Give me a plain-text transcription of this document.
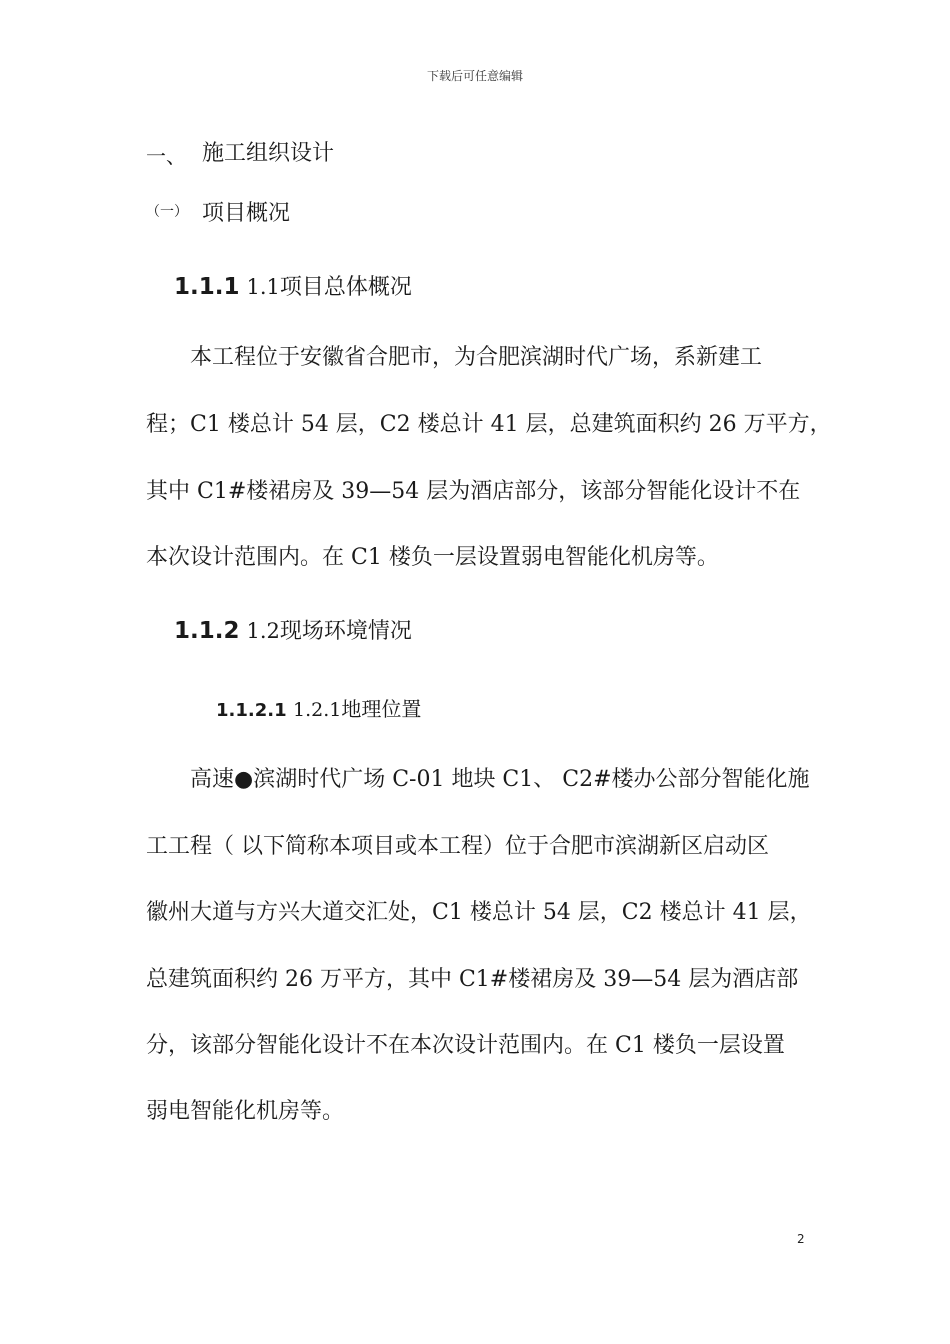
下载后可任意编辑
一、 施工组织设计
（一） 项目概况
1.1.1 1.1项目总体概况
本工程位于安徽省合肥市，为合肥滨湖时代广场，系新建工
程；C1 楼总计 54 层，C2 楼总计 41 层，总建筑面积约 26 万平方，
其中 C1#楼裙房及 39—54 层为酒店部分，该部分智能化设计不在
本次设计范围内。在 C1 楼负一层设置弱电智能化机房等。
1.1.2 1.2现场环境情况
1.1.2.1 1.2.1地理位置
高速●滨湖时代广场 C-01 地块 C1、 C2#楼办公部分智能化施
工工程（ 以下简称本项目或本工程）位于合肥市滨湖新区启动区
徽州大道与方兴大道交汇处，C1 楼总计 54 层，C2 楼总计 41 层，
总建筑面积约 26 万平方，其中 C1#楼裙房及 39—54 层为酒店部
分，该部分智能化设计不在本次设计范围内。在 C1 楼负一层设置
弱电智能化机房等。
2
